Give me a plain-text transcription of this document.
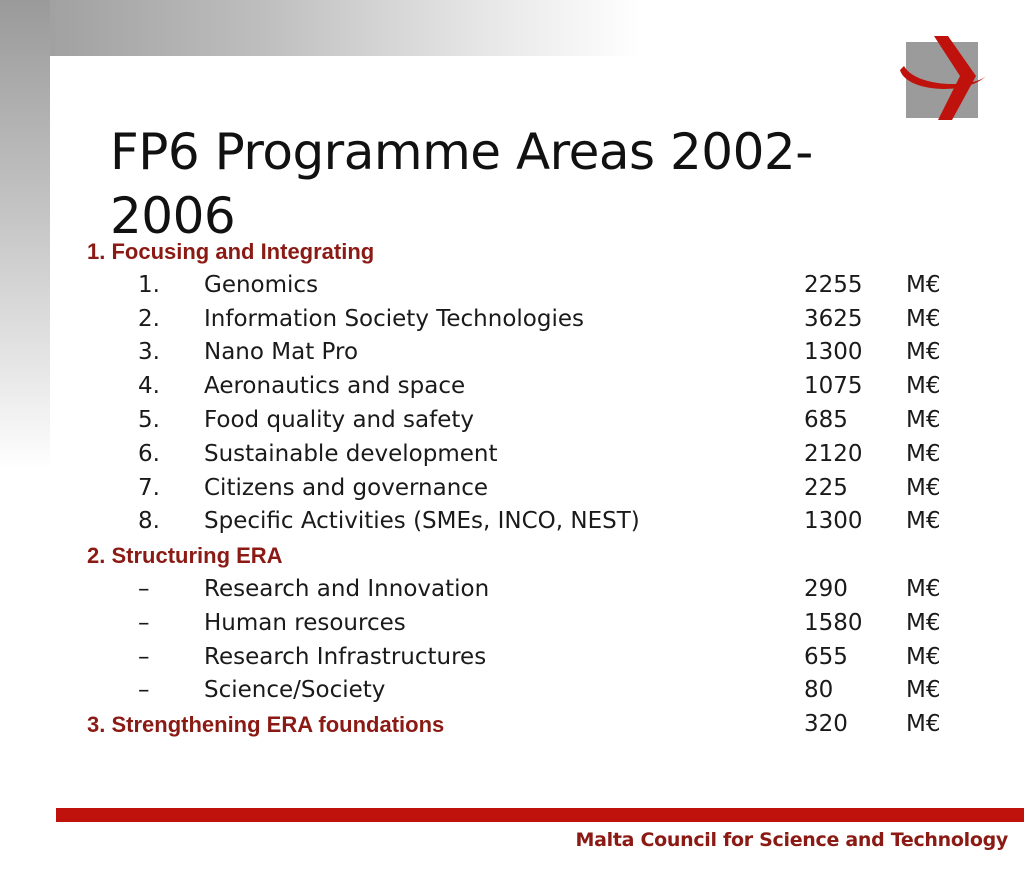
FP6 Programme Areas 2002-2006
1. Focusing and Integrating
1.	Genomics	2255 M€
2.	Information Society Technologies	3625 M€
3.	Nano Mat Pro	1300 M€
4.	Aeronautics and space	1075 M€
5.	Food quality and safety	685	M€
6.	Sustainable development	2120 M€
7.	Citizens and governance	225	M€
8.	Specific Activities (SMEs, INCO, NEST)	1300 M€
2. Structuring ERA
–	Research and Innovation	290	M€
–	Human resources	1580 M€
–	Research Infrastructures	655	M€
–	Science/Society	80	M€
3. Strengthening ERA foundations	320	M€
Malta Council for Science and Technology
